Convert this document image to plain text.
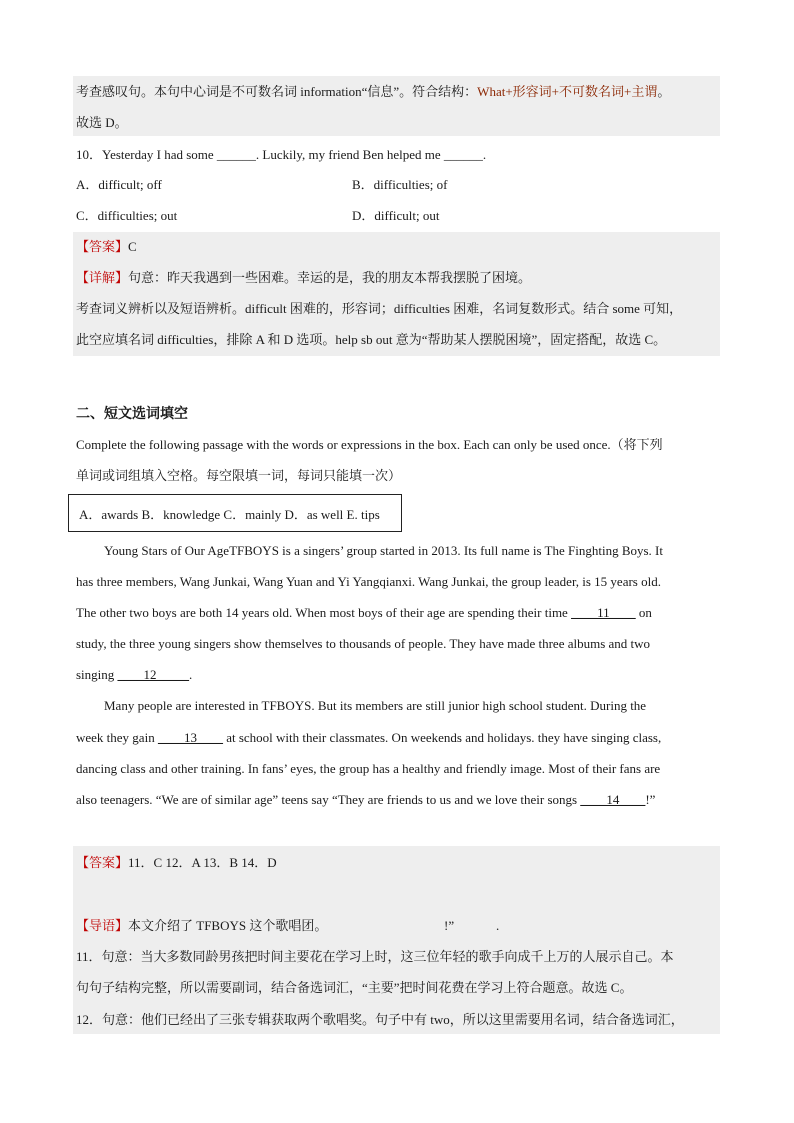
考查感叹句。本句中心词是不可数名词 information“信息”。符合结构：What+形容词+不可数名词+主谓。
故选 D。
10．Yesterday I had some ______. Luckily, my friend Ben helped me ______.
A．difficult; off	B．difficulties; of
C．difficulties; out	D．difficult; out
【答案】C
【详解】句意：昨天我遇到一些困难。幸运的是，我的朋友本帮我摆脱了困境。
考查词义辨析以及短语辨析。difficult 困难的，形容词；difficulties 困难，名词复数形式。结合 some 可知，
此空应填名词 difficulties，排除 A 和 D 选项。help sb out 意为“帮助某人摆脱困境”，固定搭配，故选 C。
二、短文选词填空
Complete the following passage with the words or expressions in the box. Each can only be used once.（将下列
单词或词组填入空格。每空限填一词，每词只能填一次）
A．awards B．knowledge C．mainly D．as well E. tips
Young Stars of Our AgeTFBOYS is a singers’ group started in 2013. Its full name is The Finghting Boys. It
has three members, Wang Junkai, Wang Yuan and Yi Yangqianxi. Wang Junkai, the group leader, is 15 years old.
The other two boys are both 14 years old. When most boys of their age are spending their time ____11____ on
study, the three young singers show themselves to thousands of people. They have made three albums and two
singing ____12_____.
Many people are interested in TFBOYS. But its members are still junior high school student. During the
week they gain ____13____ at school with their classmates. On weekends and holidays. they have singing class,
dancing class and other training. In fans’ eyes, the group has a healthy and friendly image. Most of their fans are
also teenagers. “We are of similar age” teens say “They are friends to us and we love their songs ____14____!”
【答案】11．C 12．A 13．B 14．D
【导语】本文介绍了 TFBOYS 这个歌唱团。	!”	.
11．句意：当大多数同龄男孩把时间主要花在学习上时，这三位年轻的歌手向成千上万的人展示自己。本
句句子结构完整，所以需要副词，结合备选词汇，“主要”把时间花费在学习上符合题意。故选 C。
12．句意：他们已经出了三张专辑获取两个歌唱奖。句子中有 two，所以这里需要用名词，结合备选词汇，
